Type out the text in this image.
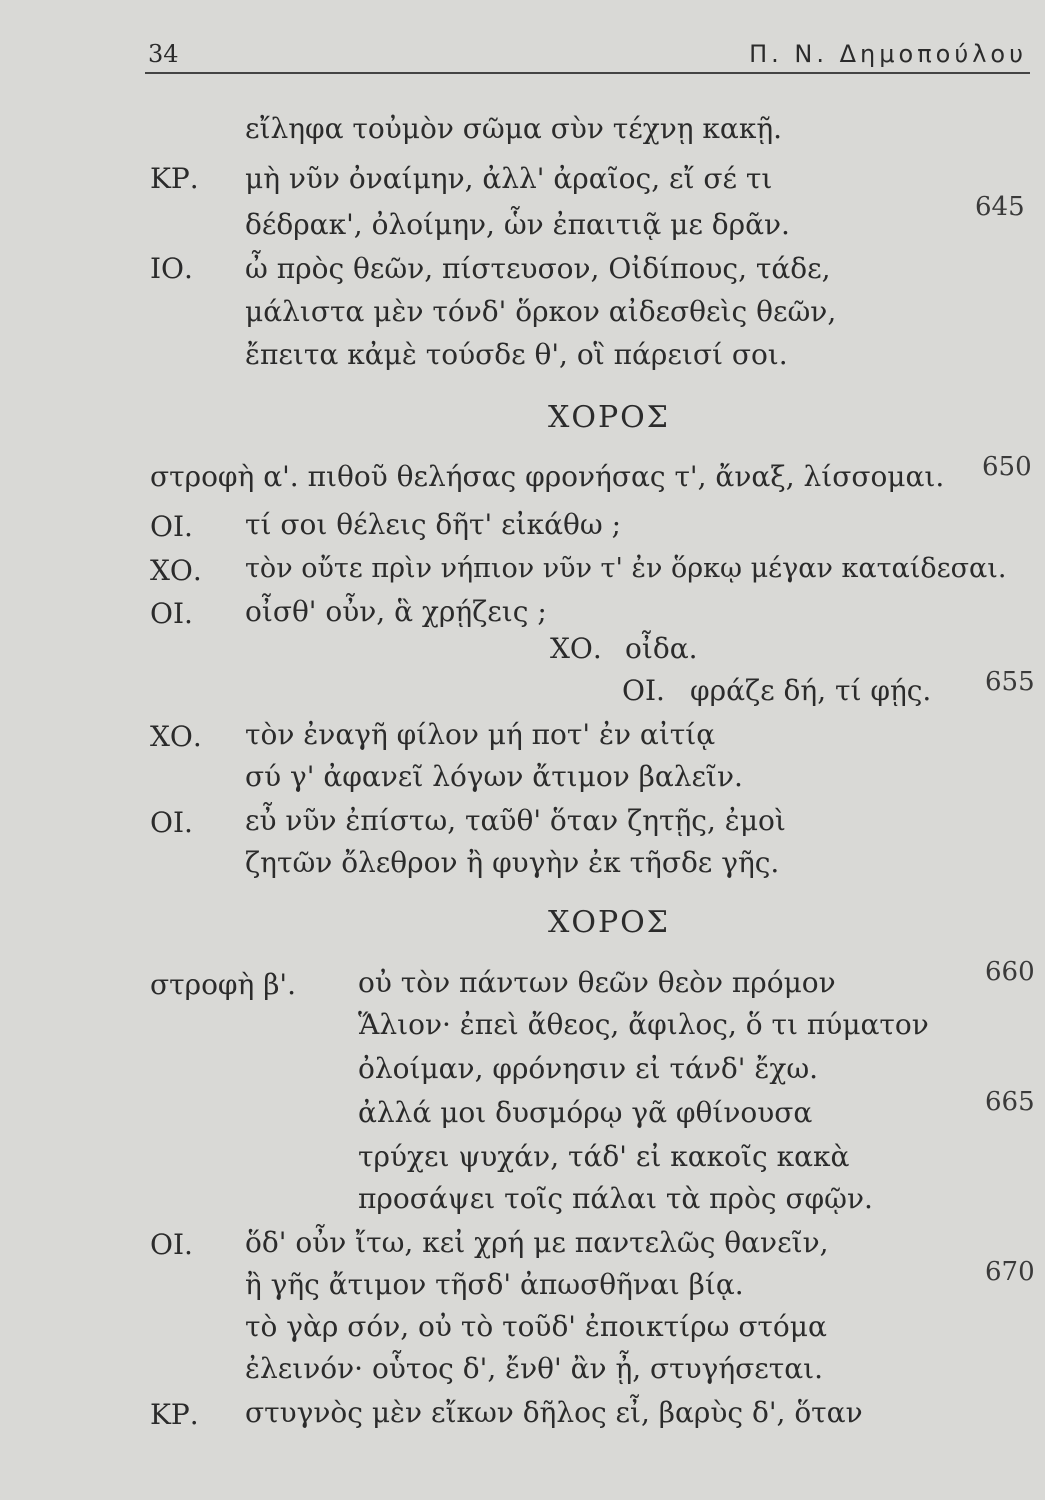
34	Π. Ν. Δημοπούλου
εἴληφα τοὐμὸν σῶμα σὺν τέχνῃ κακῇ.
ΚΡ. μὴ νῦν ὀναίμην, ἀλλ' ἀραῖος, εἴ σέ τι
δέδρακ', ὀλοίμην, ὧν ἐπαιτιᾷ με δρᾶν.
645
ΙΟ. ὦ πρὸς θεῶν, πίστευσον, Οἰδίπους, τάδε,
μάλιστα μὲν τόνδ' ὅρκον αἰδεσθεὶς θεῶν,
ἔπειτα κἀμὲ τούσδε θ', οἳ πάρεισί σοι.
ΧΟΡΟΣ
στροφὴ α'. πιθοῦ θελήσας φρονήσας τ', ἄναξ, λίσσομαι. 650
ΟΙ. τί σοι θέλεις δῆτ' εἰκάθω ;
ΧΟ. τὸν οὔτε πρὶν νήπιον νῦν τ' ἐν ὅρκῳ μέγαν καταίδεσαι.
ΟΙ. οἶσθ' οὖν, ἃ χρῄζεις ;
ΧΟ. οἶδα.
ΟΙ. φράζε δή, τί φῄς. 655
ΧΟ. τὸν ἐναγῆ φίλον μή ποτ' ἐν αἰτίᾳ
σύ γ' ἀφανεῖ λόγων ἄτιμον βαλεῖν.
ΟΙ. εὖ νῦν ἐπίστω, ταῦθ' ὅταν ζητῇς, ἐμοὶ
ζητῶν ὄλεθρον ἢ φυγὴν ἐκ τῆσδε γῆς.
ΧΟΡΟΣ
στροφὴ β'. οὐ τὸν πάντων θεῶν θεὸν πρόμον	660
Ἅλιον· ἐπεὶ ἄθεος, ἄφιλος, ὅ τι πύματον
ὀλοίμαν, φρόνησιν εἰ τάνδ' ἔχω.
ἀλλά μοι δυσμόρῳ γᾶ φθίνουσα	665
τρύχει ψυχάν, τάδ' εἰ κακοῖς κακὰ
προσάψει τοῖς πάλαι τὰ πρὸς σφῷν.
ΟΙ. ὅδ' οὖν ἴτω, κεἰ χρή με παντελῶς θανεῖν,
ἢ γῆς ἄτιμον τῆσδ' ἀπωσθῆναι βίᾳ.	670
τὸ γὰρ σόν, οὐ τὸ τοῦδ' ἐποικτίρω στόμα
ἐλεινόν· οὗτος δ', ἔνθ' ἂν ᾖ, στυγήσεται.
ΚΡ. στυγνὸς μὲν εἴκων δῆλος εἶ, βαρὺς δ', ὅταν
